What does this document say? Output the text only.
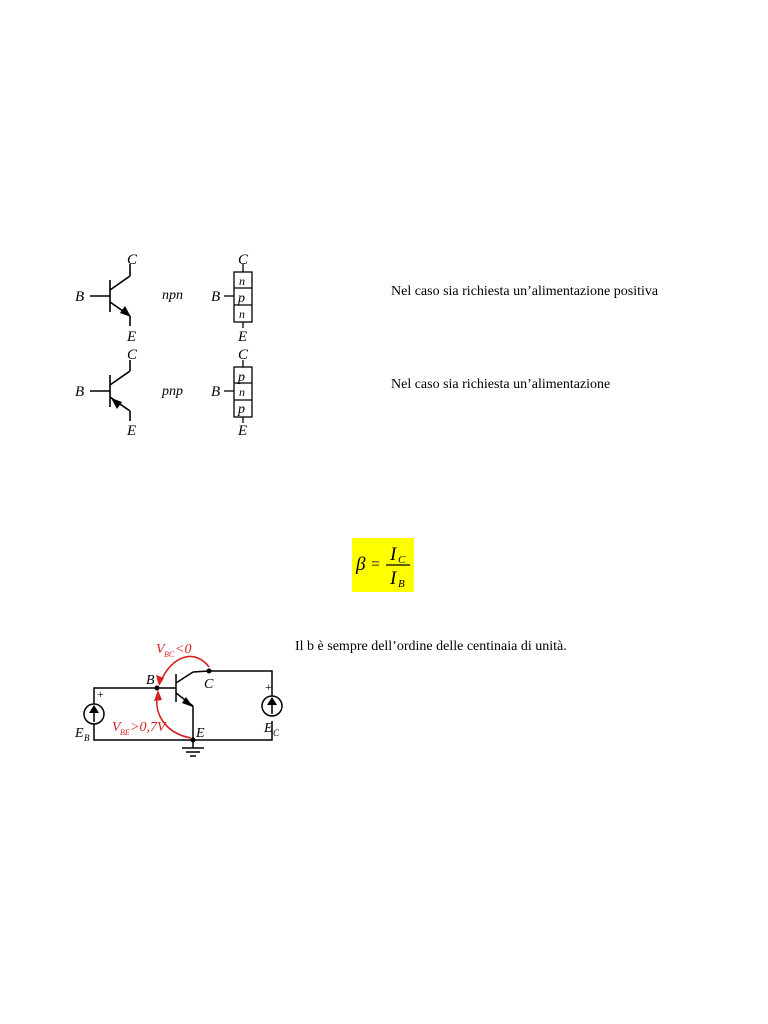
C
B
E
npn
C
B
E
n
p
n
C
B
E
pnp
C
B
E
p
n
p
Nel caso sia richiesta un’alimentazione positiva
Nel caso sia richiesta un’alimentazione
β = I C
I B
+
E B
+
E C
B	C
E
V BC <0
V BE >0,7V
Il b è sempre dell’ordine delle centinaia di unità.
